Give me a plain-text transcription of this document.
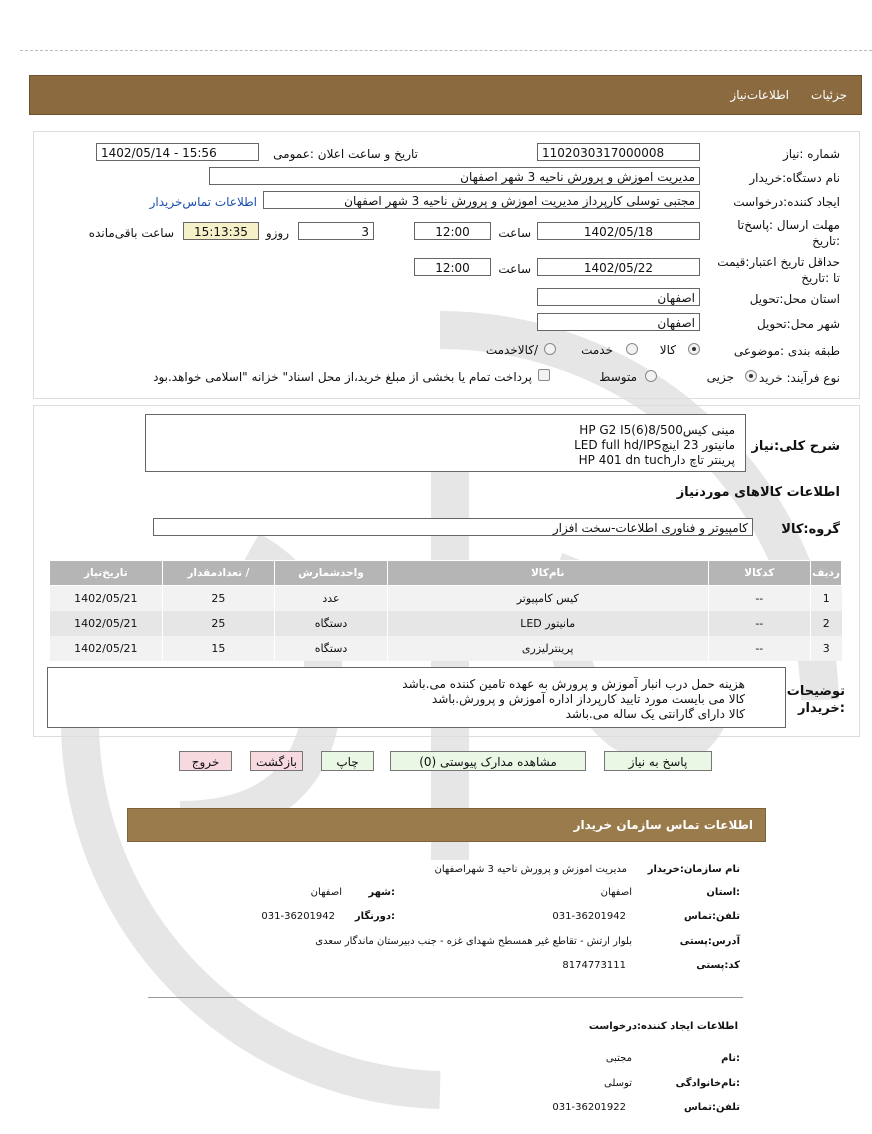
جزئیات
اطلاعات‌نیاز
شماره :نیاز
1102030317000008
تاریخ و ساعت اعلان :عمومی
1402/05/14 - 15:56
نام دستگاه:خریدار
مدیریت اموزش و پرورش ناحیه 3 شهر اصفهان
ایجاد کننده:درخواست
مجتبی توسلی کارپرداز مدیریت اموزش و پرورش ناحیه 3 شهر اصفهان
اطلاعات تماس‌خریدار
مهلت ارسال :پاسخ‌تا
:تاریخ
1402/05/18
ساعت
12:00
3
روزو
15:13:35
ساعت باقی‌مانده
حداقل تاریخ اعتبار:قیمت
تا :تاریخ
1402/05/22
ساعت
12:00
استان محل:تحویل
اصفهان
شهر محل:تحویل
اصفهان
طبقه بندی :موضوعی
کالا
خدمت
/کالاخدمت
نوع فرآیند: خرید
جزیی
متوسط
پرداخت تمام یا بخشی از مبلغ خرید،از محل اسناد" خزانه "اسلامی خواهد.بود
شرح کلی:نیاز
مینی کیسHP G2 I5(6)8/500
مانیتور 23 اینچLED full hd/IPS
پرینتر تاچ دارHP 401 dn tuch
اطلاعات کالاهای موردنیاز
گروه:کالا
کامپیوتر و فناوری اطلاعات-سخت افزار
ردیف	کدکالا	نام‌کالا	واحدشمارش	/ تعدادمقدار	تاریخ‌نیاز
1	--	کیس کامپیوتر	عدد	25	1402/05/21
2	--	مانیتور LED	دستگاه	25	1402/05/21
3	--	پرینترلیزری	دستگاه	15	1402/05/21
توضیحات
:خریدار
هزینه حمل درب انبار آموزش و پرورش به عهده تامین کننده می.باشد
کالا می بایست مورد تایید کارپرداز اداره آموزش و پرورش.باشد
کالا دارای گارانتی یک ساله می.باشد
پاسخ به نیاز
مشاهده مدارک پیوستی (0)
چاپ
بازگشت
خروج
اطلاعات تماس سازمان خریدار
نام سازمان:خریدار
مدیریت اموزش و پرورش ناحیه 3 شهراصفهان
:استان
اصفهان
:شهر
اصفهان
تلفن:تماس
031-36201942
:دورنگار
031-36201942
آدرس:پستی
بلوار ارتش - تقاطع غیر همسطح شهدای غزه - جنب دبیرستان ماندگار سعدی
کد:پستی
8174773111
اطلاعات ایجاد کننده:درخواست
:نام
مجتبی
:نام‌خانوادگی
توسلی
تلفن:تماس
031-36201922
